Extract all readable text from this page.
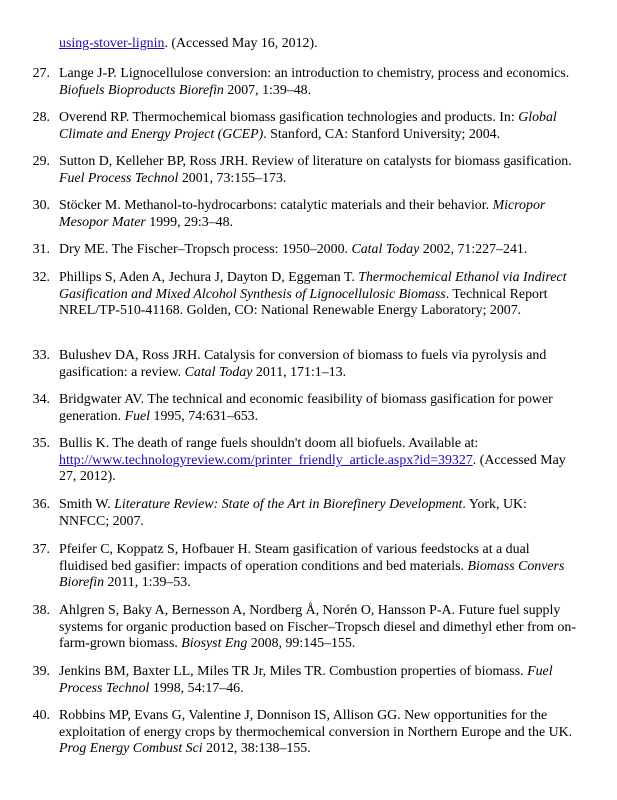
using-stover-lignin. (Accessed May 16, 2012).
27. Lange J-P. Lignocellulose conversion: an introduction to chemistry, process and economics. Biofuels Bioproducts Biorefin 2007, 1:39–48.
28. Overend RP. Thermochemical biomass gasification technologies and products. In: Global Climate and Energy Project (GCEP). Stanford, CA: Stanford University; 2004.
29. Sutton D, Kelleher BP, Ross JRH. Review of literature on catalysts for biomass gasification. Fuel Process Technol 2001, 73:155–173.
30. Stöcker M. Methanol-to-hydrocarbons: catalytic materials and their behavior. Micropor Mesopor Mater 1999, 29:3–48.
31. Dry ME. The Fischer–Tropsch process: 1950–2000. Catal Today 2002, 71:227–241.
32. Phillips S, Aden A, Jechura J, Dayton D, Eggeman T. Thermochemical Ethanol via Indirect Gasification and Mixed Alcohol Synthesis of Lignocellulosic Biomass. Technical Report NREL/TP-510-41168. Golden, CO: National Renewable Energy Laboratory; 2007.
33. Bulushev DA, Ross JRH. Catalysis for conversion of biomass to fuels via pyrolysis and gasification: a review. Catal Today 2011, 171:1–13.
34. Bridgwater AV. The technical and economic feasibility of biomass gasification for power generation. Fuel 1995, 74:631–653.
35. Bullis K. The death of range fuels shouldn't doom all biofuels. Available at: http://www.technologyreview.com/printer_friendly_article.aspx?id=39327. (Accessed May 27, 2012).
36. Smith W. Literature Review: State of the Art in Biorefinery Development. York, UK: NNFCC; 2007.
37. Pfeifer C, Koppatz S, Hofbauer H. Steam gasification of various feedstocks at a dual fluidised bed gasifier: impacts of operation conditions and bed materials. Biomass Convers Biorefin 2011, 1:39–53.
38. Ahlgren S, Baky A, Bernesson A, Nordberg Å, Norén O, Hansson P-A. Future fuel supply systems for organic production based on Fischer–Tropsch diesel and dimethyl ether from on-farm-grown biomass. Biosyst Eng 2008, 99:145–155.
39. Jenkins BM, Baxter LL, Miles TR Jr, Miles TR. Combustion properties of biomass. Fuel Process Technol 1998, 54:17–46.
40. Robbins MP, Evans G, Valentine J, Donnison IS, Allison GG. New opportunities for the exploitation of energy crops by thermochemical conversion in Northern Europe and the UK. Prog Energy Combust Sci 2012, 38:138–155.
